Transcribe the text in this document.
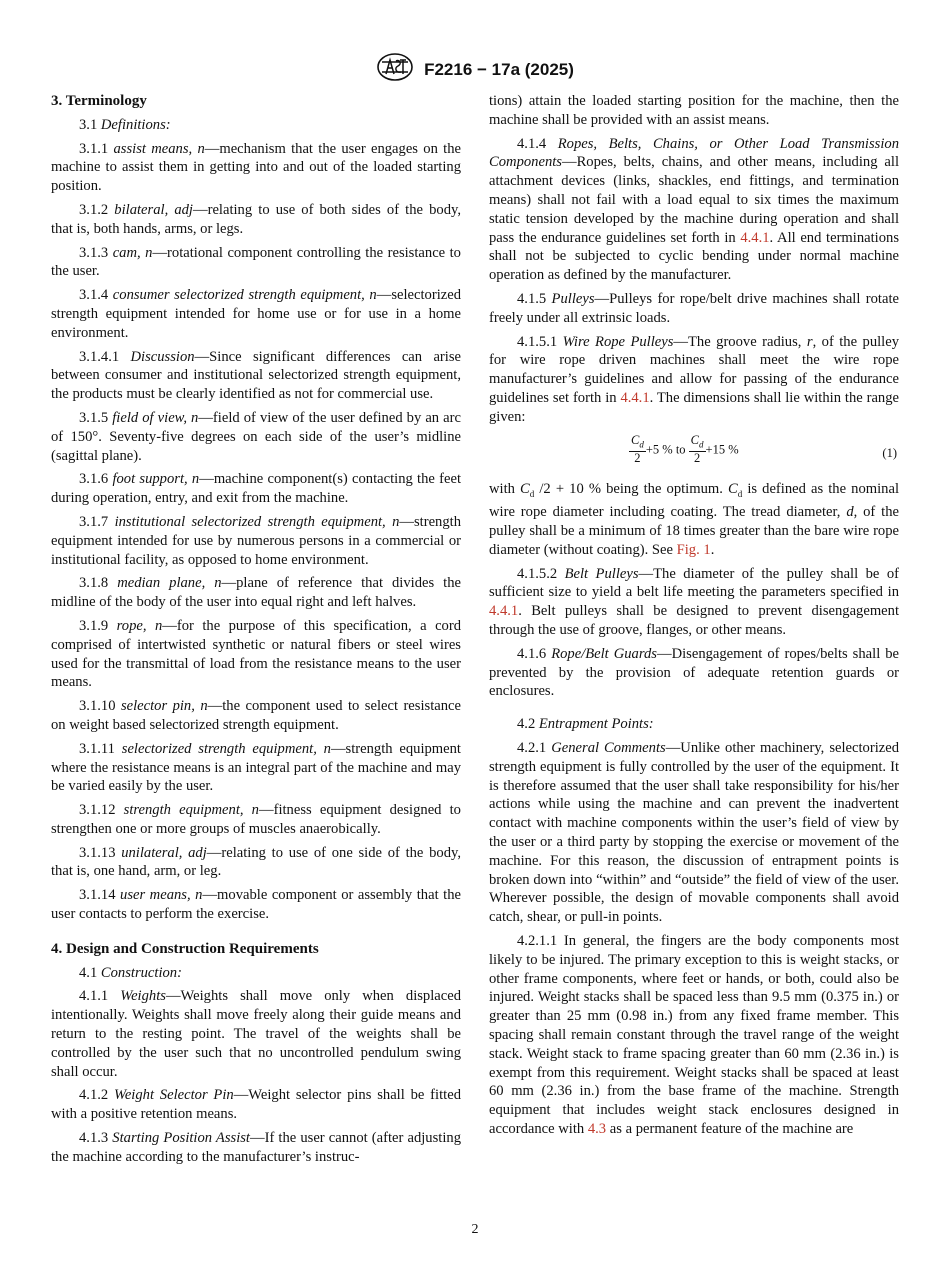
F2216 − 17a (2025)
3. Terminology

3.1 Definitions:

3.1.1 assist means, n—mechanism that the user engages on the machine to assist them in getting into and out of the loaded starting position.

3.1.2 bilateral, adj—relating to use of both sides of the body, that is, both hands, arms, or legs.

3.1.3 cam, n—rotational component controlling the resistance to the user.

3.1.4 consumer selectorized strength equipment, n—selectorized strength equipment intended for home use or for use in a home environment.

3.1.4.1 Discussion—Since significant differences can arise between consumer and institutional selectorized strength equipment, the products must be clearly identified as not for commercial use.

3.1.5 field of view, n—field of view of the user defined by an arc of 150°. Seventy-five degrees on each side of the user’s midline (sagittal plane).

3.1.6 foot support, n—machine component(s) contacting the feet during operation, entry, and exit from the machine.

3.1.7 institutional selectorized strength equipment, n—strength equipment intended for use by numerous persons in a commercial or institutional facility, as opposed to home environment.

3.1.8 median plane, n—plane of reference that divides the midline of the body of the user into equal right and left halves.

3.1.9 rope, n—for the purpose of this specification, a cord comprised of intertwisted synthetic or natural fibers or steel wires used for the transmittal of load from the resistance means to the user means.

3.1.10 selector pin, n—the component used to select resistance on weight based selectorized strength equipment.

3.1.11 selectorized strength equipment, n—strength equipment where the resistance means is an integral part of the machine and may be varied easily by the user.

3.1.12 strength equipment, n—fitness equipment designed to strengthen one or more groups of muscles anaerobically.

3.1.13 unilateral, adj—relating to use of one side of the body, that is, one hand, arm, or leg.

3.1.14 user means, n—movable component or assembly that the user contacts to perform the exercise.

4. Design and Construction Requirements

4.1 Construction:

4.1.1 Weights—Weights shall move only when displaced intentionally. Weights shall move freely along their guide means and return to the resting point. The travel of the weights shall be controlled by the user such that no uncontrolled pendulum swing shall occur.

4.1.2 Weight Selector Pin—Weight selector pins shall be fitted with a positive retention means.

4.1.3 Starting Position Assist—If the user cannot (after adjusting the machine according to the manufacturer’s instruc-

tions) attain the loaded starting position for the machine, then the machine shall be provided with an assist means.

4.1.4 Ropes, Belts, Chains, or Other Load Transmission Components—Ropes, belts, chains, and other means, including all attachment devices (links, shackles, end fittings, and termination means) shall not fail with a load equal to six times the maximum static tension developed by the machine during operation and shall pass the endurance guidelines set forth in 4.4.1. All end terminations shall not be subjected to cyclic bending under normal machine operation as defined by the manufacturer.

4.1.5 Pulleys—Pulleys for rope/belt drive machines shall rotate freely under all extrinsic loads.

4.1.5.1 Wire Rope Pulleys—The groove radius, r, of the pulley for wire rope driven machines shall meet the wire rope manufacturer’s guidelines and allow for passing of the endurance guidelines set forth in 4.4.1. The dimensions shall lie within the range given:

$\frac{C_d}{2} +5$ % to $\frac{C_d}{2} +15$ %	(1)

with $C_d$ /2 + 10 % being the optimum. $C_d$ is defined as the nominal wire rope diameter including coating. The tread diameter, d, of the pulley shall be a minimum of 18 times greater than the bare wire rope diameter (without coating). See Fig. 1.

4.1.5.2 Belt Pulleys—The diameter of the pulley shall be of sufficient size to yield a belt life meeting the parameters specified in 4.4.1. Belt pulleys shall be designed to prevent disengagement through the use of groove, flanges, or other means.

4.1.6 Rope/Belt Guards—Disengagement of ropes/belts shall be prevented by the provision of adequate retention guards or enclosures.

4.2 Entrapment Points:

4.2.1 General Comments—Unlike other machinery, selectorized strength equipment is fully controlled by the user of the equipment. It is therefore assumed that the user shall take responsibility for his/her actions while using the machine and can prevent the inadvertent contact with machine components within the user’s field of view by the user or a third party by stopping the exercise or movement of the machine. For this reason, the discussion of entrapment points is broken down into “within” and “outside” the field of view of the user. Wherever possible, the design of movable components shall avoid catch, shear, or pull-in points.

4.2.1.1 In general, the fingers are the body components most likely to be injured. The primary exception to this is weight stacks, or other frame components, where feet or hands, or both, could also be injured. Weight stacks shall be spaced less than 9.5 mm (0.375 in.) or greater than 25 mm (0.98 in.) from any fixed frame member. This spacing shall remain constant through the travel range of the weight stack. Weight stack to frame spacing greater than 60 mm (2.36 in.) is exempt from this requirement. Weight stacks shall be spaced at least 60 mm (2.36 in.) from the base frame of the machine. Strength equipment that includes weight stack enclosures designed in accordance with 4.3 as a permanent feature of the machine are

2
